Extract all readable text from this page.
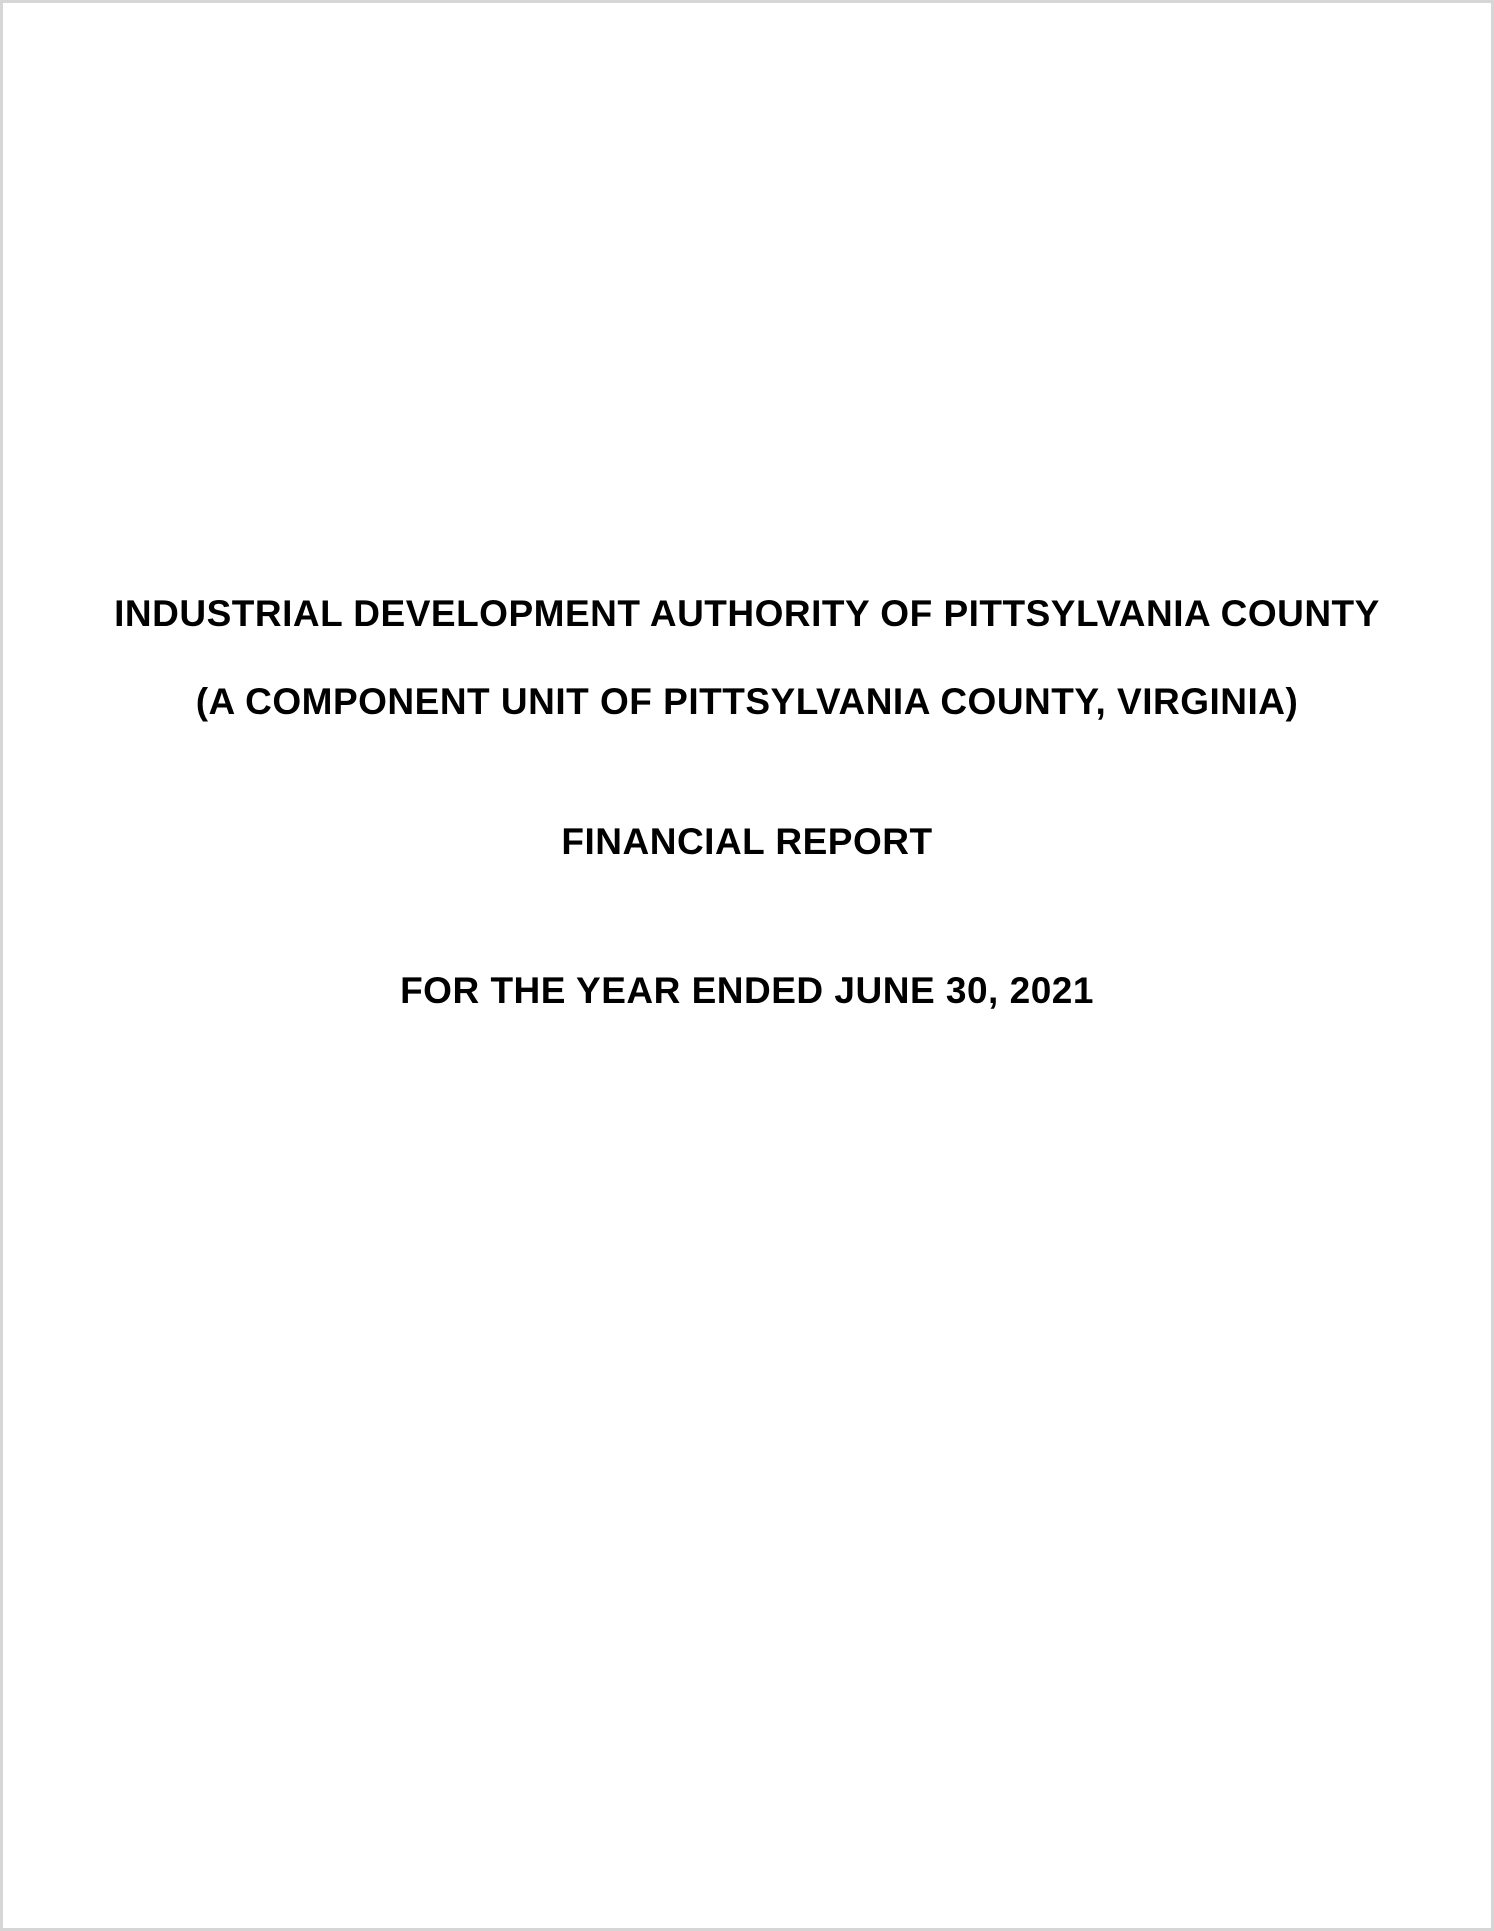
INDUSTRIAL DEVELOPMENT AUTHORITY OF PITTSYLVANIA COUNTY
(A COMPONENT UNIT OF PITTSYLVANIA COUNTY, VIRGINIA)
FINANCIAL REPORT
FOR THE YEAR ENDED JUNE 30, 2021
